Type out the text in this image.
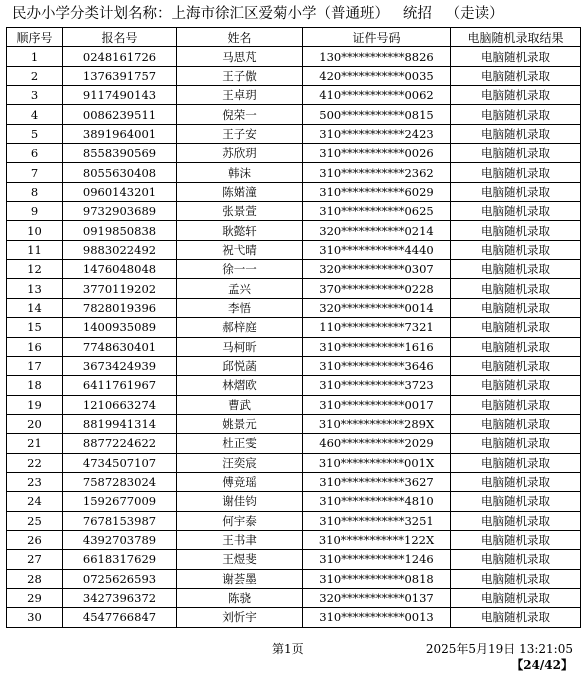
民办小学分类计划名称：上海市徐汇区爱菊小学（普通班）   统招   （走读）
顺序号	报名号	姓名	证件号码	电脑随机录取结果
1	0248161726	马思芃	130***********8826	电脑随机录取
2	1376391757	王子傲	420***********0035	电脑随机录取
3	9117490143	王卓玥	410***********0062	电脑随机录取
4	0086239511	倪荣一	500***********0815	电脑随机录取
5	3891964001	王子安	310***********2423	电脑随机录取
6	8558390569	苏欣玥	310***********0026	电脑随机录取
7	8055630408	韩沫	310***********2362	电脑随机录取
8	0960143201	陈婼潼	310***********6029	电脑随机录取
9	9732903689	张景萱	310***********0625	电脑随机录取
10	0919850838	耿懿轩	320***********0214	电脑随机录取
11	9883022492	祝弋晴	310***********4440	电脑随机录取
12	1476048048	徐一一	320***********0307	电脑随机录取
13	3770119202	孟兴	370***********0228	电脑随机录取
14	7828019396	李悟	320***********0014	电脑随机录取
15	1400935089	郝梓庭	110***********7321	电脑随机录取
16	7748630401	马柯昕	310***********1616	电脑随机录取
17	3673424939	邱悦菡	310***********3646	电脑随机录取
18	6411761967	林熠欧	310***********3723	电脑随机录取
19	1210663274	曹武	310***********0017	电脑随机录取
20	8819941314	姚景元	310***********289X	电脑随机录取
21	8877224622	杜正雯	460***********2029	电脑随机录取
22	4734507107	汪奕宸	310***********001X	电脑随机录取
23	7587283024	傅竞瑶	310***********3627	电脑随机录取
24	1592677009	谢佳钧	310***********4810	电脑随机录取
25	7678153987	何宇泰	310***********3251	电脑随机录取
26	4392703789	王书聿	310***********122X	电脑随机录取
27	6618317629	王煜斐	310***********1246	电脑随机录取
28	0725626593	谢荟墨	310***********0818	电脑随机录取
29	3427396372	陈骁	320***********0137	电脑随机录取
30	4547766847	刘忻宇	310***********0013	电脑随机录取
第1页	2025年5月19日 13:21:05
【24/42】
